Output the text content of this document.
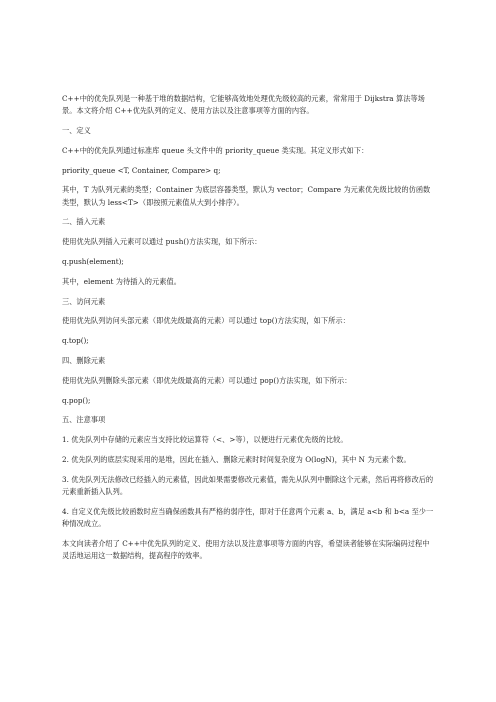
C++中的优先队列是一种基于堆的数据结构，它能够高效地处理优先级较高的元素，常常用于 Dijkstra 算法等场景。本文将介绍 C++优先队列的定义、使用方法以及注意事项等方面的内容。

一、定义

C++中的优先队列通过标准库 queue 头文件中的 priority_queue 类实现。其定义形式如下：

priority_queue <T, Container, Compare> q;

其中，T 为队列元素的类型；Container 为底层容器类型，默认为 vector；Compare 为元素优先级比较的仿函数类型，默认为 less<T>（即按照元素值从大到小排序）。

二、插入元素

使用优先队列插入元素可以通过 push()方法实现，如下所示：

q.push(element);

其中，element 为待插入的元素值。

三、访问元素

使用优先队列访问头部元素（即优先级最高的元素）可以通过 top()方法实现，如下所示：

q.top();

四、删除元素

使用优先队列删除头部元素（即优先级最高的元素）可以通过 pop()方法实现，如下所示：

q.pop();

五、注意事项

1. 优先队列中存储的元素应当支持比较运算符（<、>等），以便进行元素优先级的比较。

2. 优先队列的底层实现采用的是堆，因此在插入、删除元素时时间复杂度为 O(logN)，其中 N 为元素个数。

3. 优先队列无法修改已经插入的元素值，因此如果需要修改元素值，需先从队列中删除这个元素，然后再将修改后的元素重新插入队列。

4. 自定义优先级比较函数时应当确保函数具有严格的弱序性，即对于任意两个元素 a、b，满足 a<b 和 b<a 至少一种情况成立。

本文向读者介绍了 C++中优先队列的定义、使用方法以及注意事项等方面的内容，希望读者能够在实际编码过程中灵活地运用这一数据结构，提高程序的效率。
